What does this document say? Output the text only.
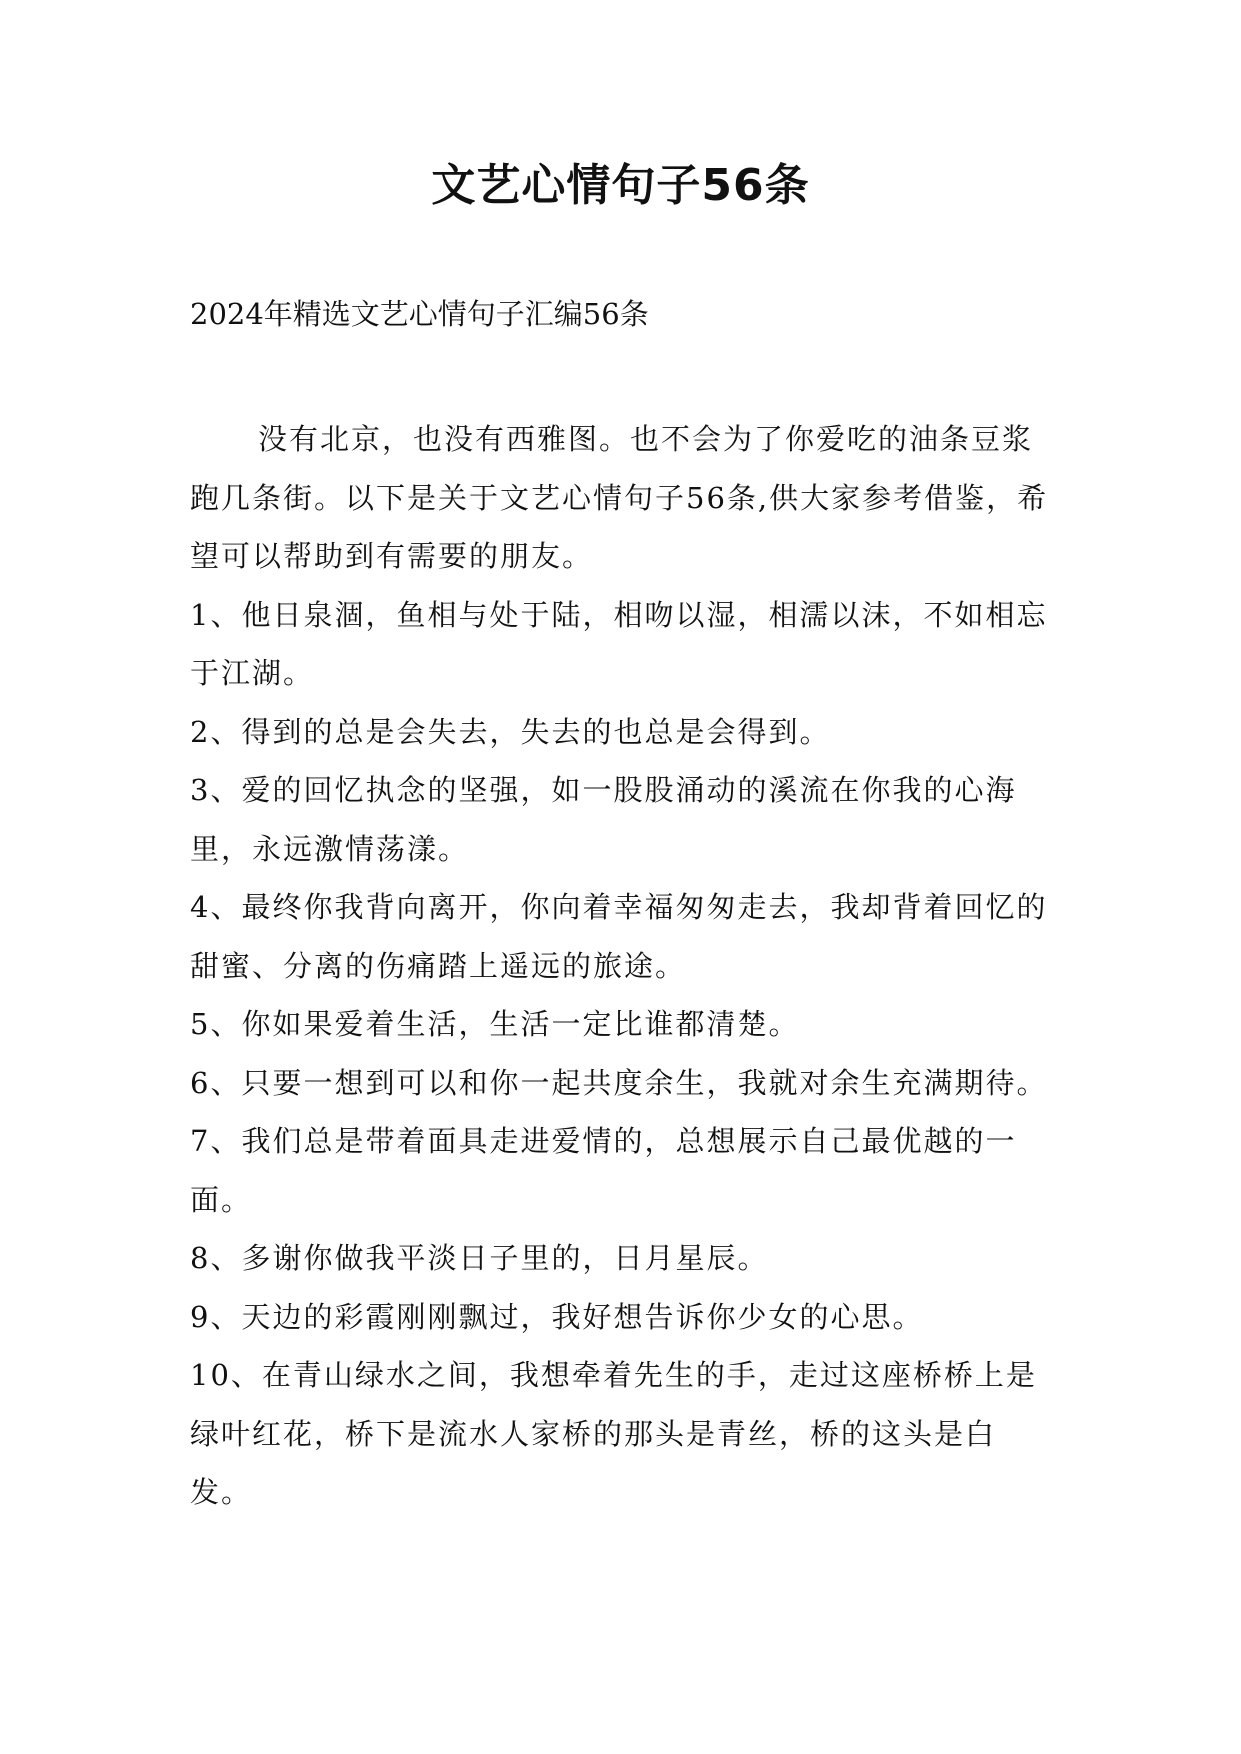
文艺心情句子56条
2024年精选文艺心情句子汇编56条

没有北京，也没有西雅图。也不会为了你爱吃的油条豆浆跑几条街。以下是关于文艺心情句子56条,供大家参考借鉴，希望可以帮助到有需要的朋友。

1、他日泉涸，鱼相与处于陆，相吻以湿，相濡以沫，不如相忘于江湖。

2、得到的总是会失去，失去的也总是会得到。

3、爱的回忆执念的坚强，如一股股涌动的溪流在你我的心海里，永远激情荡漾。

4、最终你我背向离开，你向着幸福匆匆走去，我却背着回忆的甜蜜、分离的伤痛踏上遥远的旅途。

5、你如果爱着生活，生活一定比谁都清楚。

6、只要一想到可以和你一起共度余生，我就对余生充满期待。

7、我们总是带着面具走进爱情的，总想展示自己最优越的一面。

8、多谢你做我平淡日子里的，日月星辰。

9、天边的彩霞刚刚飘过，我好想告诉你少女的心思。

10、在青山绿水之间，我想牵着先生的手，走过这座桥桥上是绿叶红花，桥下是流水人家桥的那头是青丝，桥的这头是白发。
